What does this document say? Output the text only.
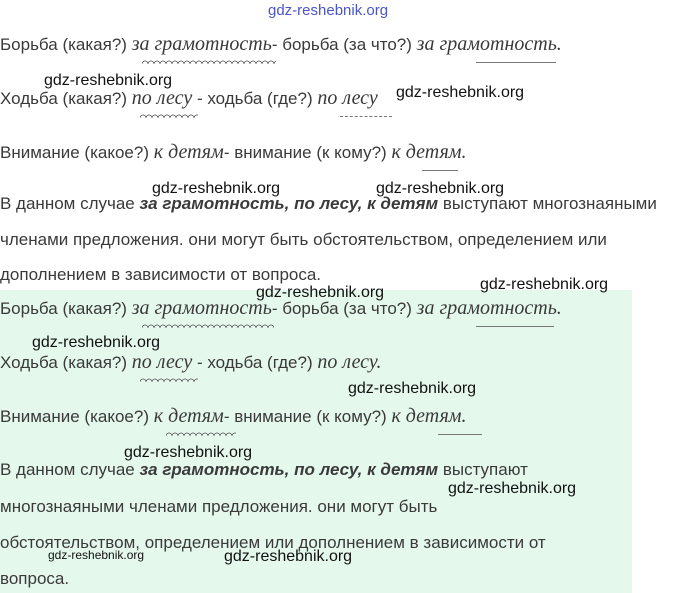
gdz-reshebnik.org
Борьба (какая?) за грамотность- борьба (за что?) за грамотность.
gdz-reshebnik.org
Ходьба (какая?) по лесу - ходьба (где?) по лесу gdz-reshebnik.org
Внимание (какое?) к детям- внимание (к кому?) к детям.
gdz-reshebnik.org	gdz-reshebnik.org
В данном случае за грамотность, по лесу, к детям выступают многознаяными
членами предложения. они могут быть обстоятельством, определением или
дополнением в зависимости от вопроса.
gdz-reshebnik.org
gdz-reshebnik.org
Борьба (какая?) за грамотность- борьба (за что?) за грамотность.
gdz-reshebnik.org
Ходьба (какая?) по лесу - ходьба (где?) по лесу.
gdz-reshebnik.org
Внимание (какое?) к детям- внимание (к кому?) к детям.
gdz-reshebnik.org
В данном случае за грамотность, по лесу, к детям выступают
gdz-reshebnik.org
многознаяными членами предложения. они могут быть
обстоятельством, определением или дополнением в зависимости от
gdz-reshebnik.org	gdz-reshebnik.org
вопроса.
